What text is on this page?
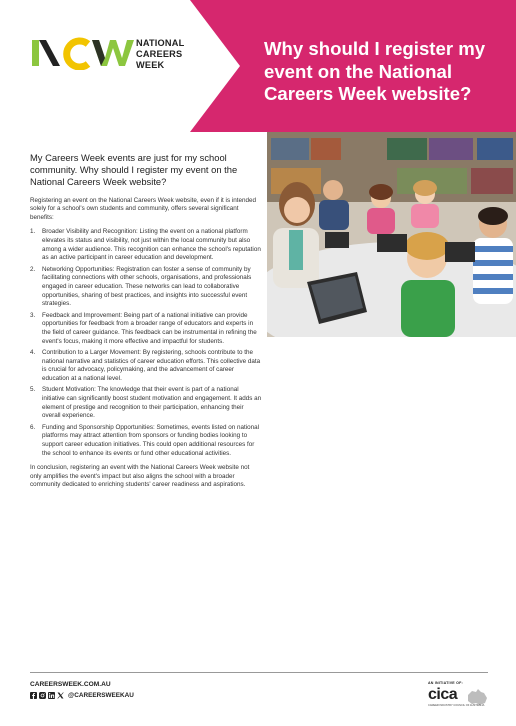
NATIONAL
CAREERS
WEEK
Why should I register my event on the National Careers Week website?

My Careers Week events are just for my school community. Why should I register my event on the National Careers Week website?

Registering an event on the National Careers Week website, even if it is intended solely for a school's own students and community, offers several significant benefits:

1. Broader Visibility and Recognition: Listing the event on a national platform elevates its status and visibility, not just within the local community but also among a wider audience. This recognition can enhance the school's reputation as an active participant in career education and development.
2. Networking Opportunities: Registration can foster a sense of community by facilitating connections with other schools, organisations, and professionals engaged in career education. These networks can lead to collaborative opportunities, sharing of best practices, and insights into successful event strategies.
3. Feedback and Improvement: Being part of a national initiative can provide opportunities for feedback from a broader range of educators and experts in the field of career guidance. This feedback can be instrumental in refining the event's focus, making it more effective and impactful for students.
4. Contribution to a Larger Movement: By registering, schools contribute to the national narrative and statistics of career education efforts. This collective data is crucial for advocacy, policymaking, and the advancement of career education at a national level.
5. Student Motivation: The knowledge that their event is part of a national initiative can significantly boost student motivation and engagement. It adds an element of prestige and recognition to their participation, enhancing their overall experience.
6. Funding and Sponsorship Opportunities: Sometimes, events listed on national platforms may attract attention from sponsors or funding bodies looking to support career education initiatives. This could open additional resources for the school to enhance its events or fund other educational activities.

In conclusion, registering an event with the National Careers Week website not only amplifies the event's impact but also aligns the school with a broader community dedicated to enriching students' career readiness and aspirations.

CAREERSWEEK.COM.AU
@CAREERSWEEKAU
AN INITIATIVE OF:
cica
CAREER INDUSTRY COUNCIL OF AUSTRALIA
